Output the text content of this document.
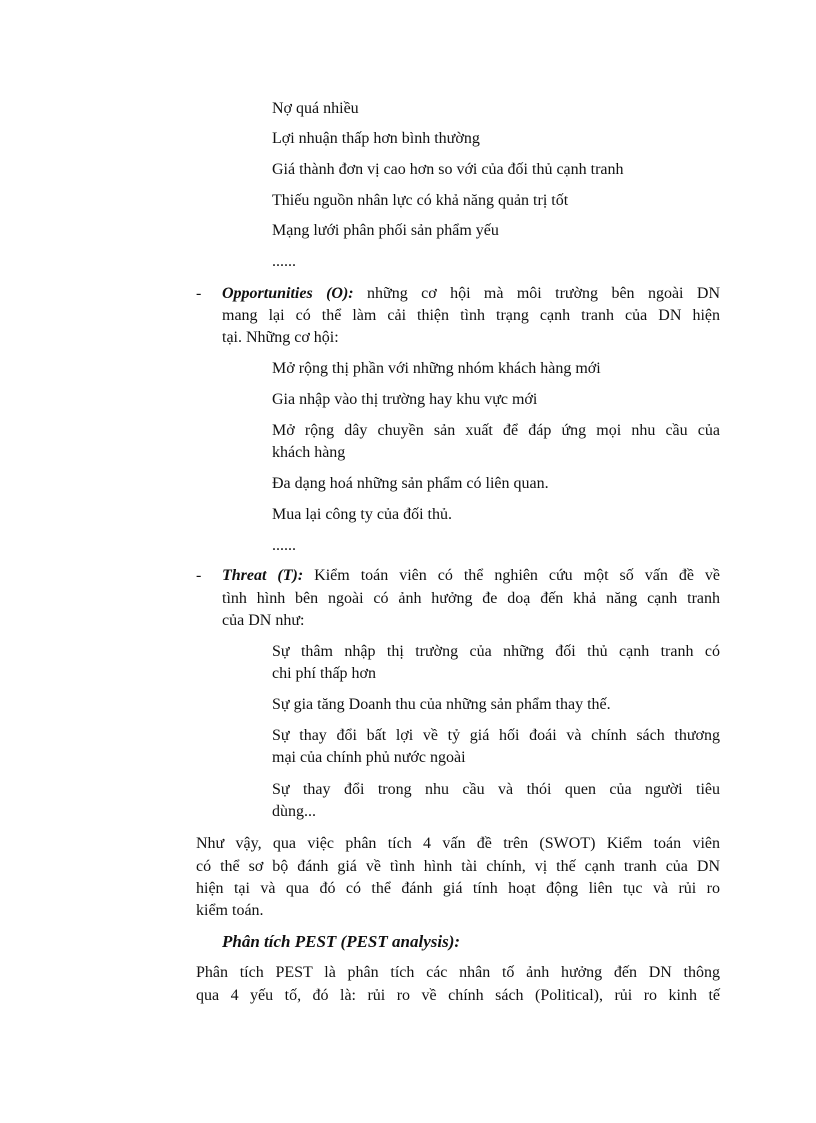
Nợ quá nhiều
Lợi nhuận thấp hơn bình thường
Giá thành đơn vị cao hơn so với của đối thủ cạnh tranh
Thiếu nguồn nhân lực có khả năng quản trị tốt
Mạng lưới phân phối sản phẩm yếu
......
- Opportunities (O): những cơ hội mà môi trường bên ngoài DN
mang lại có thể làm cải thiện tình trạng cạnh tranh của DN hiện
tại. Những cơ hội:
Mở rộng thị phần với những nhóm khách hàng mới
Gia nhập vào thị trường hay khu vực mới
Mở rộng dây chuyền sản xuất để đáp ứng mọi nhu cầu của
khách hàng
Đa dạng hoá những sản phẩm có liên quan.
Mua lại công ty của đối thủ.
......
- Threat (T): Kiểm toán viên có thể nghiên cứu một số vấn đề về
tình hình bên ngoài có ảnh hưởng đe doạ đến khả năng cạnh tranh
của DN như:
Sự thâm nhập thị trường của những đối thủ cạnh tranh có
chi phí thấp hơn
Sự gia tăng Doanh thu của những sản phẩm thay thế.
Sự thay đổi bất lợi về tỷ giá hối đoái và chính sách thương
mại của chính phủ nước ngoài
Sự thay đổi trong nhu cầu và thói quen của người tiêu
dùng...
Như vậy, qua việc phân tích 4 vấn đề trên (SWOT) Kiểm toán viên
có thể sơ bộ đánh giá về tình hình tài chính, vị thế cạnh tranh của DN
hiện tại và qua đó có thể đánh giá tính hoạt động liên tục và rủi ro
kiểm toán.
Phân tích PEST (PEST analysis):
Phân tích PEST là phân tích các nhân tố ảnh hưởng đến DN thông
qua 4 yếu tố, đó là: rủi ro về chính sách (Political), rủi ro kinh tế
